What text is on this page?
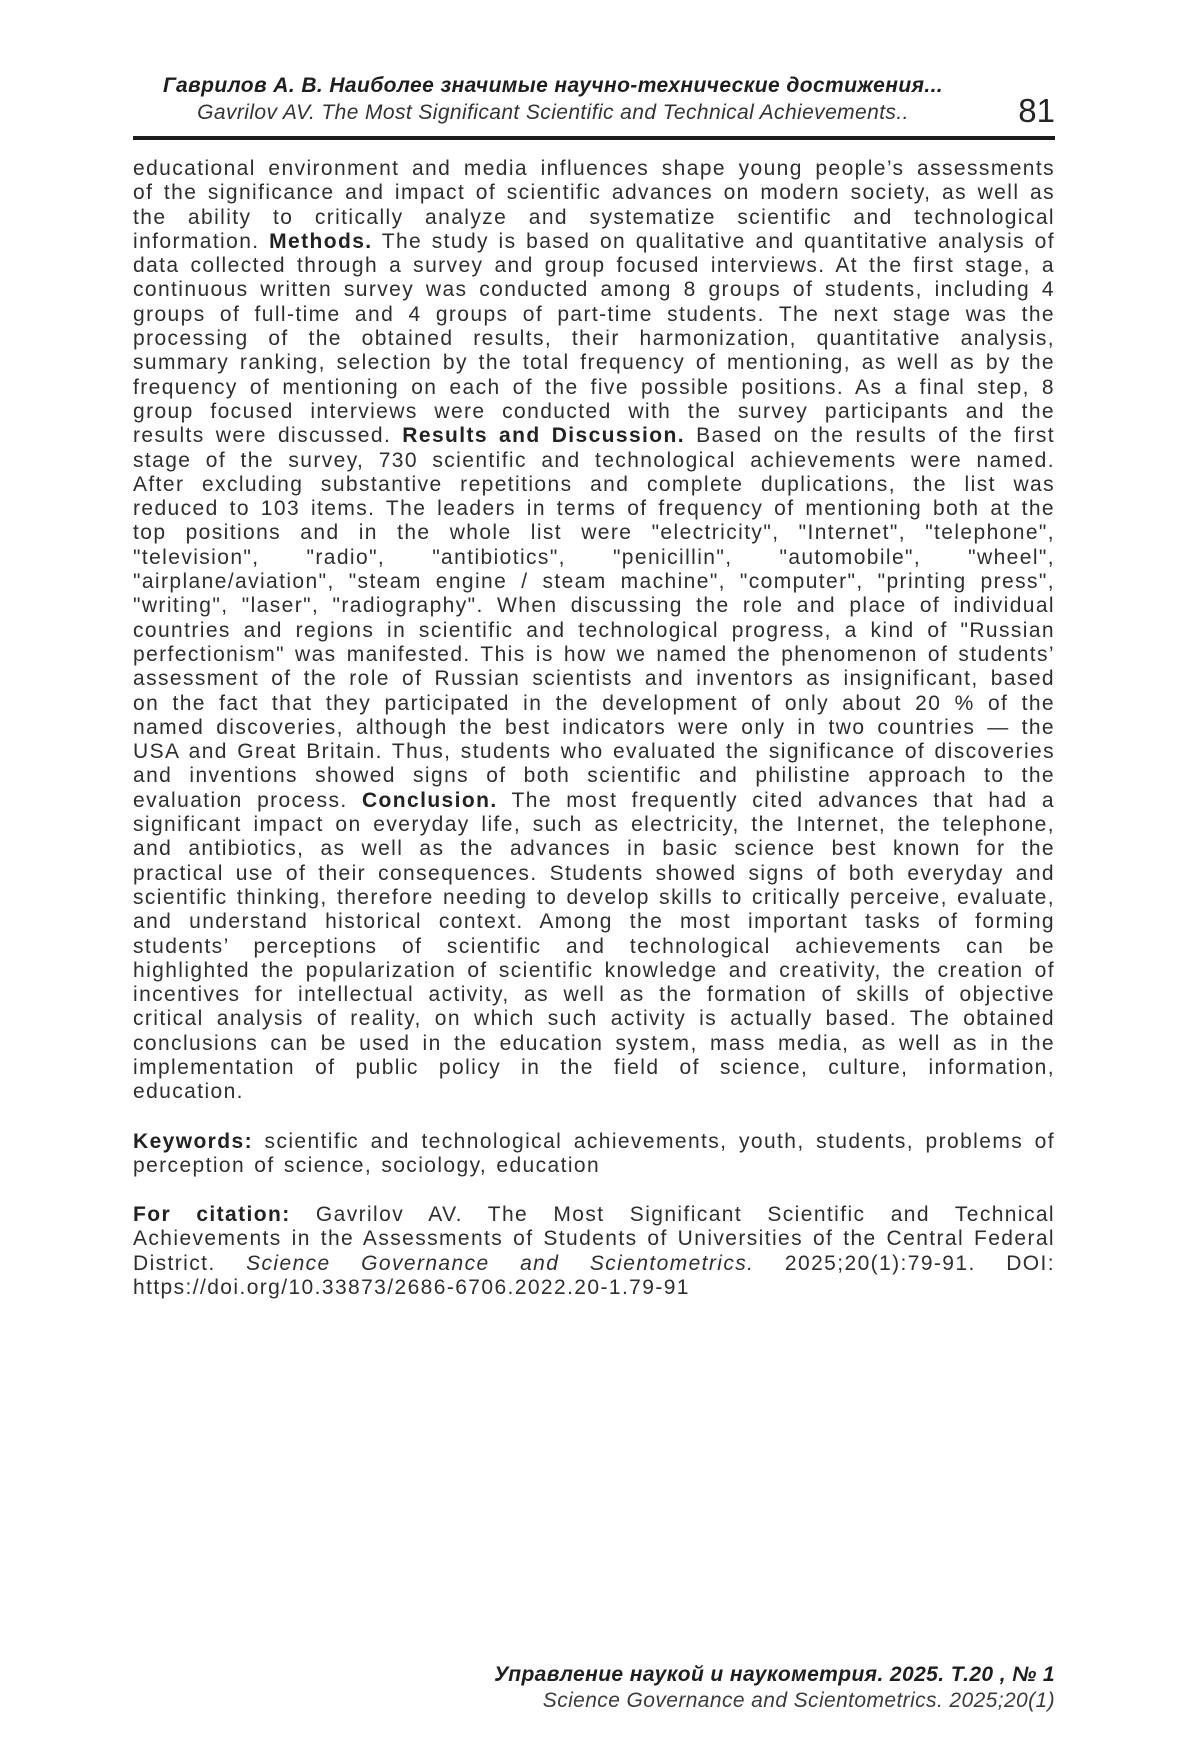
Гаврилов А. В. Наиболее значимые научно-технические достижения...
Gavrilov AV. The Most Significant Scientific and Technical Achievements..	81

educational environment and media influences shape young people’s assessments of the significance and impact of scientific advances on modern society, as well as the ability to critically analyze and systematize scientific and technological information. Methods. The study is based on qualitative and quantitative analysis of data collected through a survey and group focused interviews. At the first stage, a continuous written survey was conducted among 8 groups of students, including 4 groups of full-time and 4 groups of part-time students. The next stage was the processing of the obtained results, their harmonization, quantitative analysis, summary ranking, selection by the total frequency of mentioning, as well as by the frequency of mentioning on each of the five possible positions. As a final step, 8 group focused interviews were conducted with the survey participants and the results were discussed. Results and Discussion. Based on the results of the first stage of the survey, 730 scientific and technological achievements were named. After excluding substantive repetitions and complete duplications, the list was reduced to 103 items. The leaders in terms of frequency of mentioning both at the top positions and in the whole list were "electricity", "Internet", "telephone", "television", "radio", "antibiotics", "penicillin", "automobile", "wheel", "airplane/aviation", "steam engine / steam machine", "computer", "printing press", "writing", "laser", "radiography". When discussing the role and place of individual countries and regions in scientific and technological progress, a kind of "Russian perfectionism" was manifested. This is how we named the phenomenon of students’ assessment of the role of Russian scientists and inventors as insignificant, based on the fact that they participated in the development of only about 20 % of the named discoveries, although the best indicators were only in two countries — the USA and Great Britain. Thus, students who evaluated the significance of discoveries and inventions showed signs of both scientific and philistine approach to the evaluation process. Conclusion. The most frequently cited advances that had a significant impact on everyday life, such as electricity, the Internet, the telephone, and antibiotics, as well as the advances in basic science best known for the practical use of their consequences. Students showed signs of both everyday and scientific thinking, therefore needing to develop skills to critically perceive, evaluate, and understand historical context. Among the most important tasks of forming students’ perceptions of scientific and technological achievements can be highlighted the popularization of scientific knowledge and creativity, the creation of incentives for intellectual activity, as well as the formation of skills of objective critical analysis of reality, on which such activity is actually based. The obtained conclusions can be used in the education system, mass media, as well as in the implementation of public policy in the field of science, culture, information, education.

Keywords: scientific and technological achievements, youth, students, problems of perception of science, sociology, education

For citation: Gavrilov AV. The Most Significant Scientific and Technical Achievements in the Assessments of Students of Universities of the Central Federal District. Science Governance and Scientometrics. 2025;20(1):79-91. DOI: https://doi.org/10.33873/2686-6706.2022.20-1.79-91

Управление наукой и наукометрия. 2025. Т.20 , № 1
Science Governance and Scientometrics. 2025;20(1)
